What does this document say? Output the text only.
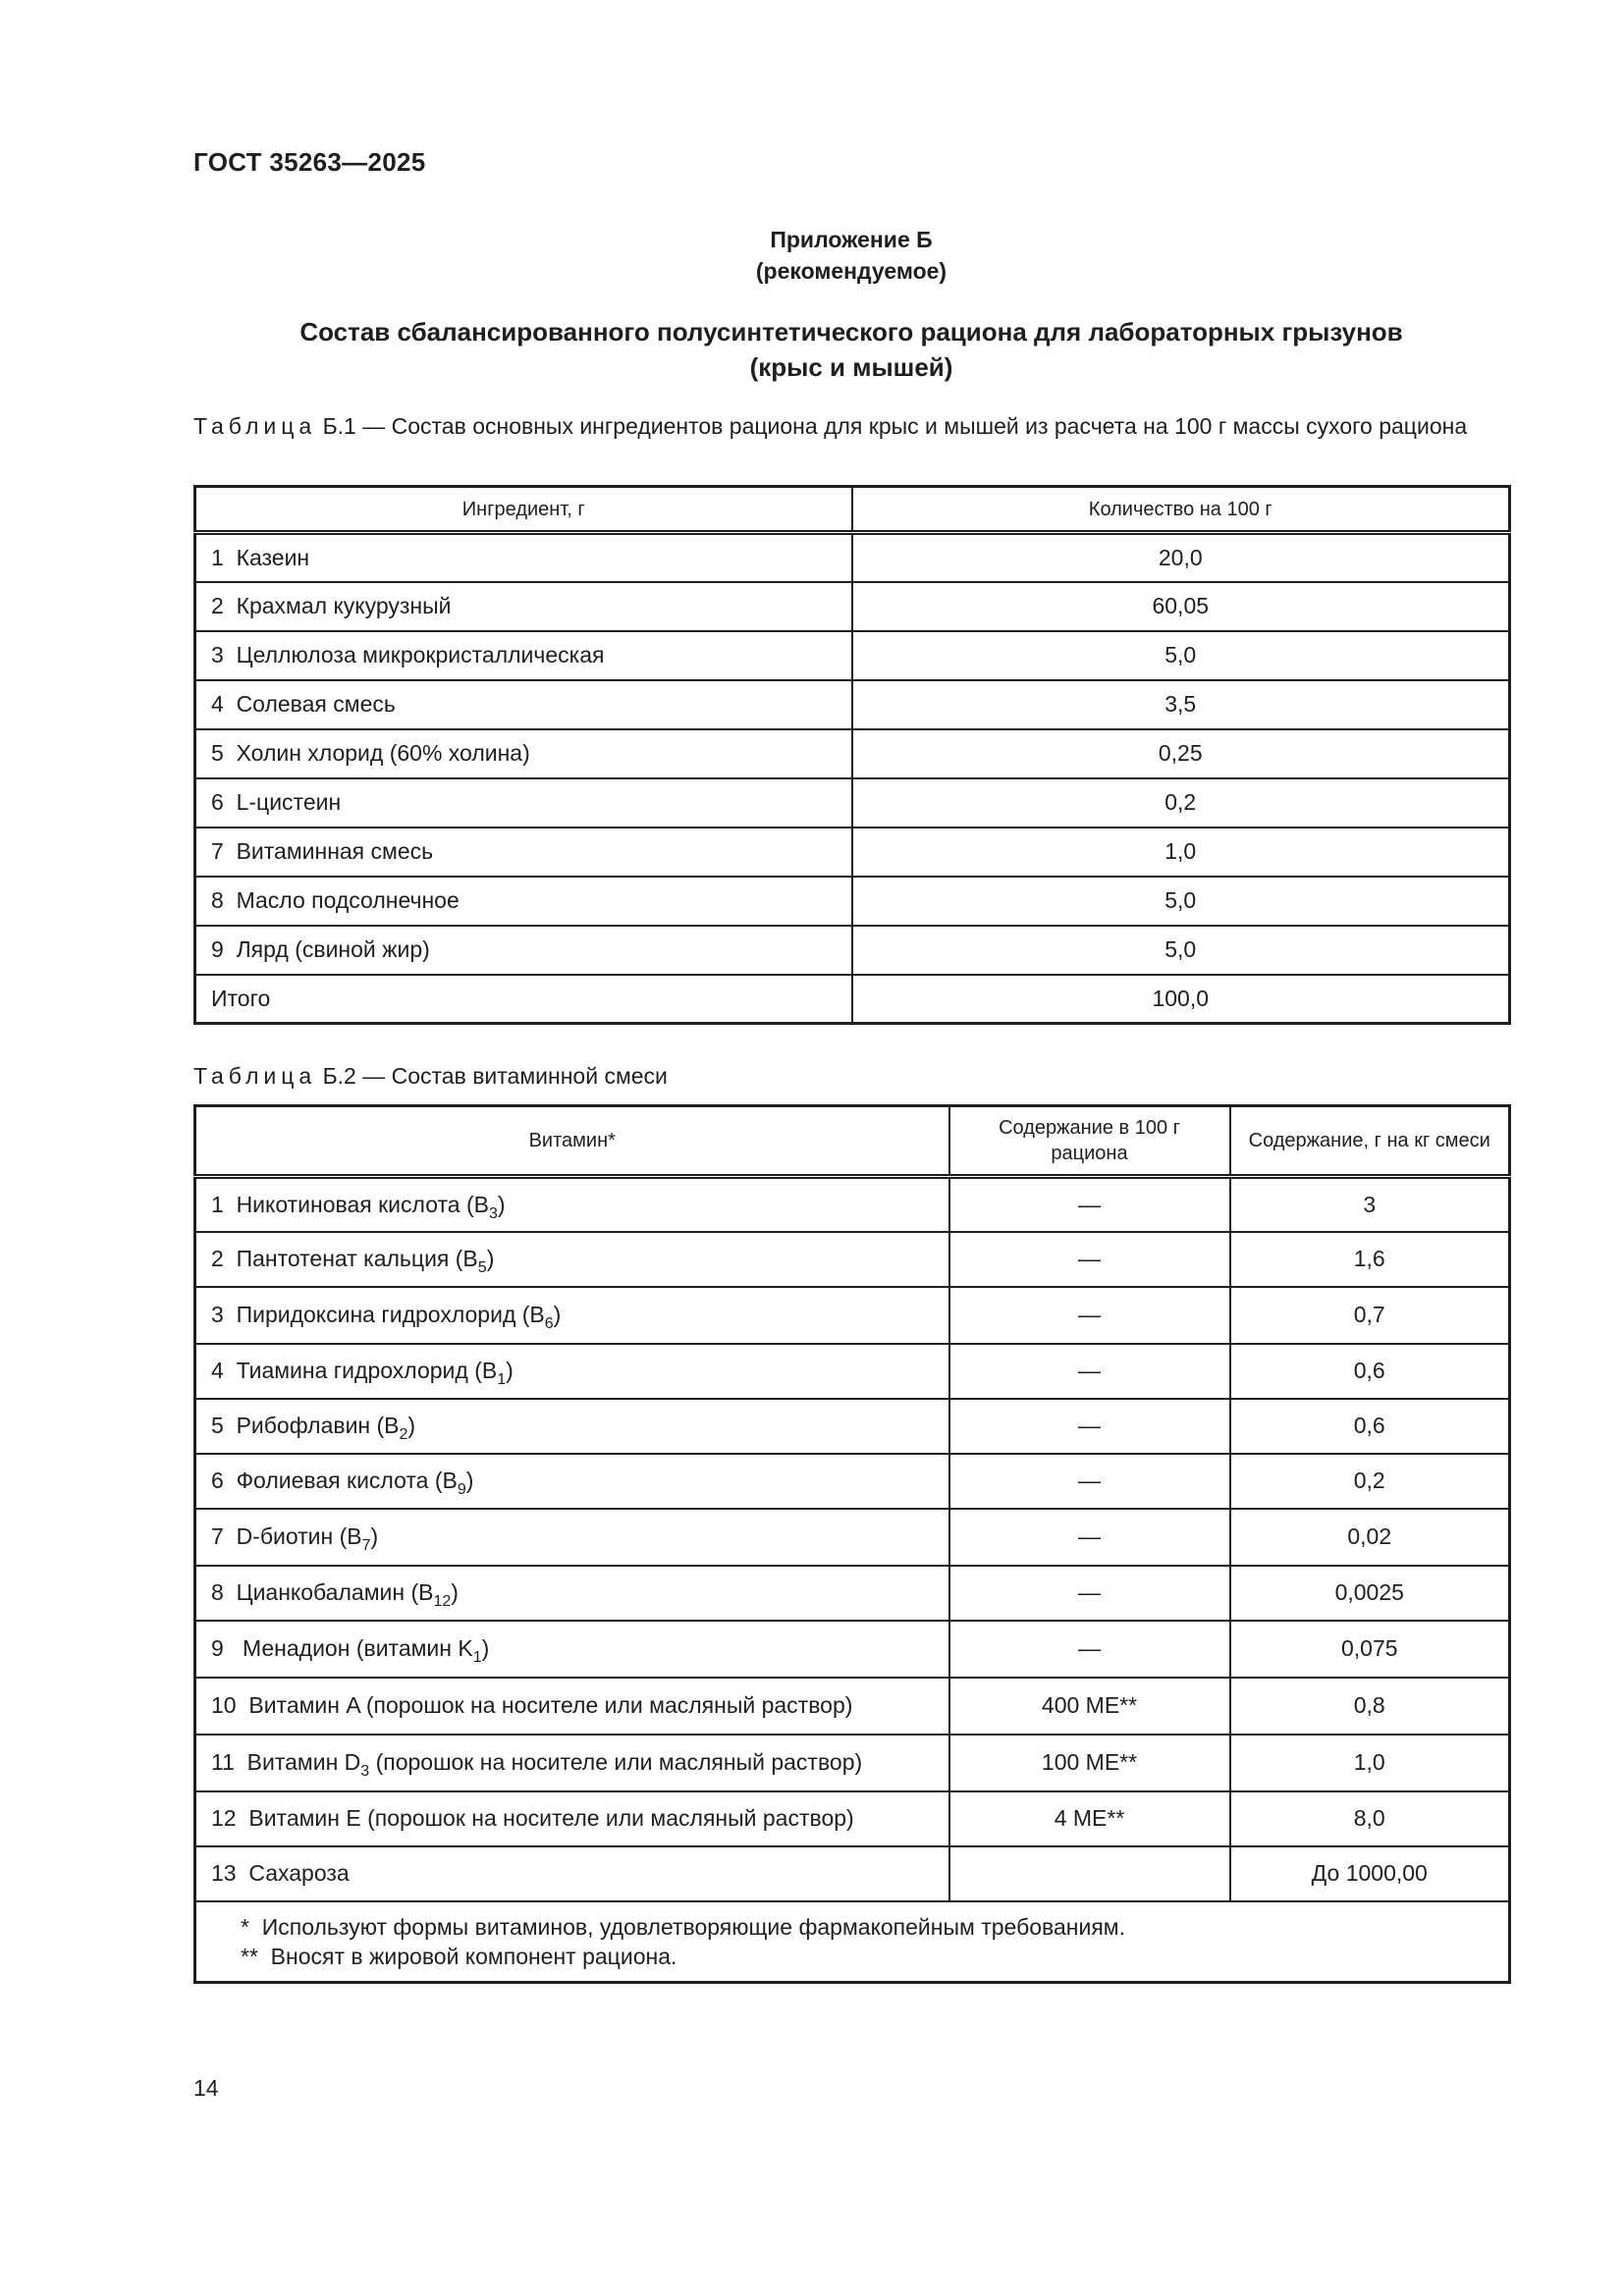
ГОСТ 35263—2025
Приложение Б
(рекомендуемое)
Состав сбалансированного полусинтетического рациона для лабораторных грызунов
(крыс и мышей)
Таблица Б.1 — Состав основных ингредиентов рациона для крыс и мышей из расчета на 100 г массы сухого рациона
Ингредиент, г	Количество на 100 г
1  Казеин	20,0
2  Крахмал кукурузный	60,05
3  Целлюлоза микрокристаллическая	5,0
4  Солевая смесь	3,5
5  Холин хлорид (60% холина)	0,25
6  L-цистеин	0,2
7  Витаминная смесь	1,0
8  Масло подсолнечное	5,0
9  Лярд (свиной жир)	5,0
Итого	100,0
Таблица Б.2 — Состав витаминной смеси
Витамин*	Содержание в 100 г рациона	Содержание, г на кг смеси
1  Никотиновая кислота $(B_3)$	—	3
2  Пантотенат кальция $(B_5)$	—	1,6
3  Пиридоксина гидрохлорид $(B_6)$	—	0,7
4  Тиамина гидрохлорид $(B_1)$	—	0,6
5  Рибофлавин $(B_2)$	—	0,6
6  Фолиевая кислота $(B_9)$	—	0,2
7  D-биотин $(B_7)$	—	0,02
8  Цианкобаламин $(B_{12})$	—	0,0025
9   Менадион (витамин $K_1$)	—	0,075
10  Витамин A (порошок на носителе или масляный раствор)	400 МЕ**	0,8
11  Витамин $D_3$ (порошок на носителе или масляный раствор)	100 МЕ**	1,0
12  Витамин E (порошок на носителе или масляный раствор)	4 МЕ**	8,0
13  Сахароза		До 1000,00

*  Используют формы витаминов, удовлетворяющие фармакопейным требованиям.
**  Вносят в жировой компонент рациона.		
14
